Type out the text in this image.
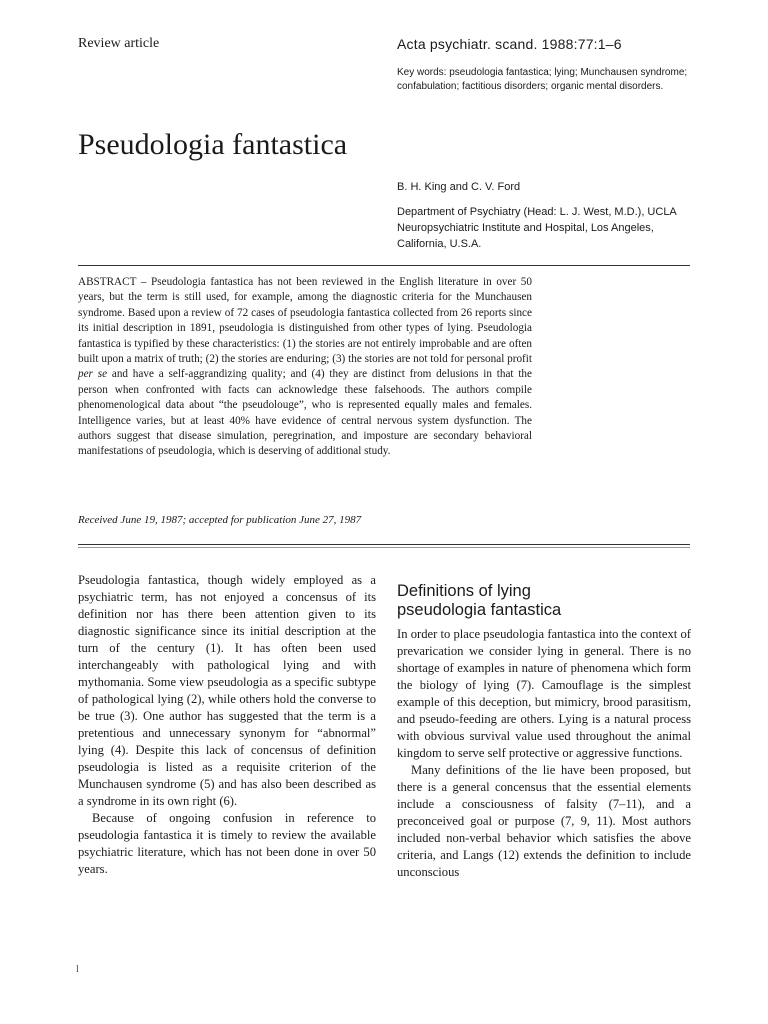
Review article	Acta psychiatr. scand. 1988:77:1–6
Key words: pseudologia fantastica; lying; Munchausen syndrome; confabulation; factitious disorders; organic mental disorders.
Pseudologia fantastica
B. H. King and C. V. Ford
Department of Psychiatry (Head: L. J. West, M.D.), UCLA Neuropsychiatric Institute and Hospital, Los Angeles, California, U.S.A.

ABSTRACT – Pseudologia fantastica has not been reviewed in the English literature in over 50 years, but the term is still used, for example, among the diagnostic criteria for the Munchausen syndrome. Based upon a review of 72 cases of pseudologia fantastica collected from 26 reports since its initial description in 1891, pseudologia is distinguished from other types of lying. Pseudologia fantastica is typified by these characteristics: (1) the stories are not entirely improbable and are often built upon a matrix of truth; (2) the stories are enduring; (3) the stories are not told for personal profit per se and have a self-aggrandizing quality; and (4) they are distinct from delusions in that the person when confronted with facts can acknowledge these falsehoods. The authors compile phenomenological data about “the pseudolouge”, who is represented equally males and females. Intelligence varies, but at least 40% have evidence of central nervous system dysfunction. The authors suggest that disease simulation, peregrination, and imposture are secondary behavioral manifestations of pseudologia, which is deserving of additional study.

Received June 19, 1987; accepted for publication June 27, 1987

Pseudologia fantastica, though widely employed as a psychiatric term, has not enjoyed a concensus of its definition nor has there been attention given to its diagnostic significance since its initial description at the turn of the century (1). It has often been used interchangeably with pathological lying and with mythomania. Some view pseudologia as a specific subtype of pathological lying (2), while others hold the converse to be true (3). One author has suggested that the term is a pretentious and unnecessary synonym for “abnormal” lying (4). Despite this lack of concensus of definition pseudologia is listed as a requisite criterion of the Munchausen syndrome (5) and has also been described as a syndrome in its own right (6).

Because of ongoing confusion in reference to pseudologia fantastica it is timely to review the available psychiatric literature, which has not been done in over 50 years.

Definitions of lying
pseudologia fantastica

In order to place pseudologia fantastica into the context of prevarication we consider lying in general. There is no shortage of examples in nature of phenomena which form the biology of lying (7). Camouflage is the simplest example of this deception, but mimicry, brood parasitism, and pseudo-feeding are others. Lying is a natural process with obvious survival value used throughout the animal kingdom to serve self protective or aggressive functions.

Many definitions of the lie have been proposed, but there is a general concensus that the essential elements include a consciousness of falsity (7–11), and a preconceived goal or purpose (7, 9, 11). Most authors included non-verbal behavior which satisfies the above criteria, and Langs (12) extends the definition to include unconscious

l
